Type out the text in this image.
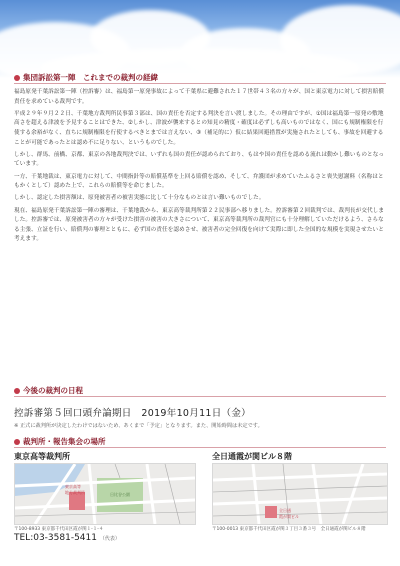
集団訴訟第一陣　これまでの裁判の経緯

福島原発千葉訴訟第一陣（控訴審）は、福島第一原発事故によって千葉県に避難された１７世帯４３名の方々が、国と東京電力に対して損害賠償責任を求めている裁判です。

平成２９年９月２２日、千葉地方裁判所民事第３部は、国の責任を否定する判決を言い渡しました。その理由ですが、①国は福島第一原発の敷地高さを超える津波を予見することはできた、②しかし、津波が襲来するとの知見の精度・確度は必ずしも高いものではなく、国にも規制権限を行使する余裕がなく、直ちに規制権限を行使するべきとまでは言えない、③（補足的に）仮に結果回避措置が実施されたとしても、事故を回避することが可能であったとは認め不に足りない、というものでした。

しかし、群馬、前橋、京都、東京の各地裁判決では、いずれも国の責任が認められており、もはや国の責任を認める流れは動かし難いものとなっています。

一方、千葉地裁は、東京電力に対して、中間指針等の賠償基準を上回る賠償を認め、そして、弁護団が求めていたふるさと喪失慰謝料（名称はともかくとして）認めた上で、これらの賠償等を命じました。

しかし、認定した損害額は、原発被害者の被害実態に比して十分なものとは言い難いものでした。

現在、福島原発千葉訴訟第一陣の審理は、千葉地裁から、東京高等裁判所第２２民事部へ移りました。控訴審第２回裁判では、裁判長が交代しました。控訴審では、原発被害者の方々が受けた損害の被害の大きさについて、東京高等裁判所の裁判官にも十分理解していただけるよう、さらなる主張、立証を行い、賠償判の審理とともに、必ず国の責任を認めさせ、被害者の完全回復を向けて実際に即した全国的な規模を実現させたいと考えます。

今後の裁判の日程
控訴審第５回口頭弁論期日　2019年10月11日（金）
※ 正式に裁判所が決定したわけではないため、あくまで「予定」となります。また、開始時間は未定です。
裁判所・報告集会の場所
東京高等裁判所	全日通霞が関ビル８階
東京高等
地方裁判所	日比谷公園
全日通
霞が関ビル
〒100-8933 東京都千代田区霞が関１-１-４	〒100-0013 東京都千代田区霞が関３丁目３番３号　全日通霞が関ビル８階
TEL:03-3581-5411 （代表）
